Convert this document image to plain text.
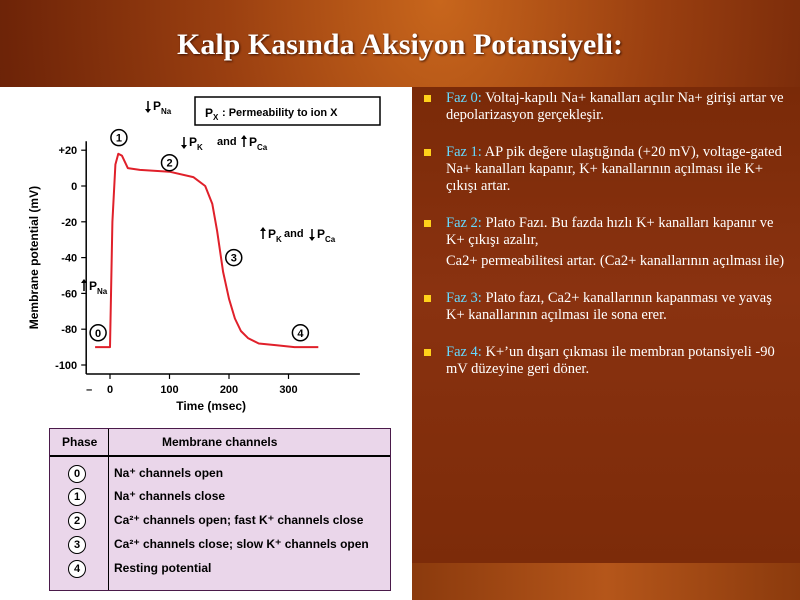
Kalp Kasında Aksiyon Potansiyeli:
Faz 0: Voltaj-kapılı Na+ kanalları açılır Na+ girişi artar ve depolarizasyon gerçekleşir.
Faz 1: AP pik değere ulaştığında (+20 mV), voltage-gated Na+ kanalları kapanır, K+ kanallarının açılması ile K+ çıkışı artar.
Faz 2: Plato Fazı. Bu fazda hızlı K+ kanalları kapanır ve K+ çıkışı azalır,
Ca2+ permeabilitesi artar. (Ca2+ kanallarının açılması ile)
Faz 3: Plato fazı, Ca2+ kanallarının kapanması ve yavaş K+ kanallarının açılması ile sona erer.
Faz 4: K+’un dışarı çıkması ile membran potansiyeli -90 mV düzeyine geri döner.
+20
0
-20
-40
-60
-80
-100
0	100	200	300
–
Time (msec)
Membrane potential (mV)
0
1
2
3
4
P X : Permeability to ion X
P Na
P K and P Ca
P K and P Ca
P Na
Phase	Membrane channels
0	Na⁺ channels open
1	Na⁺ channels close
2	Ca²⁺ channels open; fast K⁺ channels close
3	Ca²⁺ channels close; slow K⁺ channels open
4	Resting potential
